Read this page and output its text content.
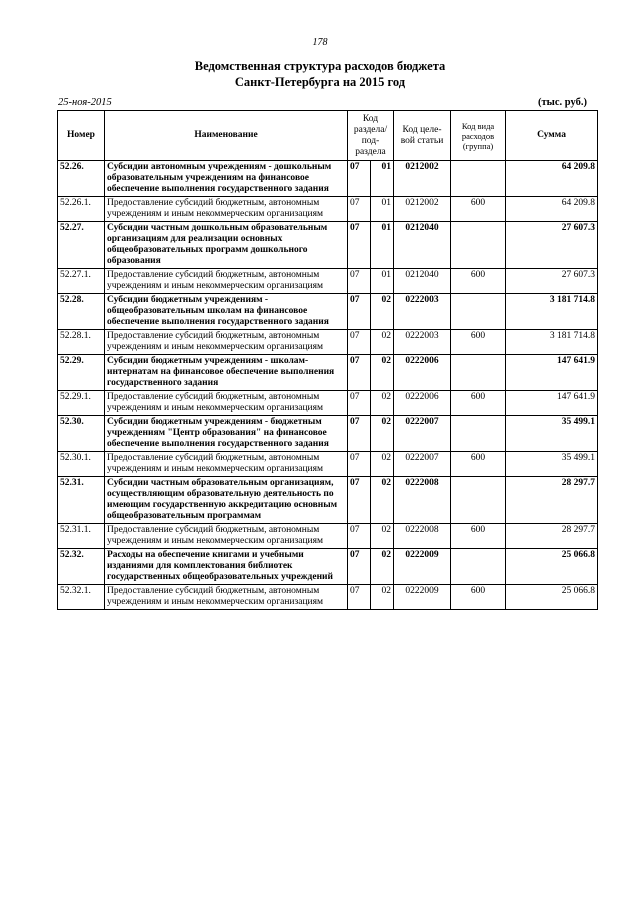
178
Ведомственная структура расходов бюджета
Санкт-Петербурга на 2015 год
25-ноя-2015	(тыс. руб.)
Номер	Наименование	Код раздела/ под- раздела		Код целе- вой статьи	Код вида расходов (группа)	Сумма
52.26.	Субсидии автономным учреждениям - дошкольным образовательным учреждениям на финансовое обеспечение выполнения государственного задания	07	01	0212002		64 209.8
52.26.1.	Предоставление субсидий бюджетным, автономным учреждениям и иным некоммерческим организациям	07	01	0212002	600	64 209.8
52.27.	Субсидии частным дошкольным образовательным организациям для реализации основных общеобразовательных программ дошкольного образования	07	01	0212040		27 607.3
52.27.1.	Предоставление субсидий бюджетным, автономным учреждениям и иным некоммерческим организациям	07	01	0212040	600	27 607.3
52.28.	Субсидии бюджетным учреждениям - общеобразовательным школам на финансовое обеспечение выполнения государственного задания	07	02	0222003		3 181 714.8
52.28.1.	Предоставление субсидий бюджетным, автономным учреждениям и иным некоммерческим организациям	07	02	0222003	600	3 181 714.8
52.29.	Субсидии бюджетным учреждениям - школам-интернатам на финансовое обеспечение выполнения государственного задания	07	02	0222006		147 641.9
52.29.1.	Предоставление субсидий бюджетным, автономным учреждениям и иным некоммерческим организациям	07	02	0222006	600	147 641.9
52.30.	Субсидии бюджетным учреждениям - бюджетным учреждениям "Центр образования" на финансовое обеспечение выполнения государственного задания	07	02	0222007		35 499.1
52.30.1.	Предоставление субсидий бюджетным, автономным учреждениям и иным некоммерческим организациям	07	02	0222007	600	35 499.1
52.31.	Субсидии частным образовательным организациям, осуществляющим образовательную деятельность по имеющим государственную аккредитацию основным общеобразовательным программам	07	02	0222008		28 297.7
52.31.1.	Предоставление субсидий бюджетным, автономным учреждениям и иным некоммерческим организациям	07	02	0222008	600	28 297.7
52.32.	Расходы на обеспечение книгами и учебными изданиями для комплектования библиотек государственных общеобразовательных учреждений	07	02	0222009		25 066.8
52.32.1.	Предоставление субсидий бюджетным, автономным учреждениям и иным некоммерческим организациям	07	02	0222009	600	25 066.8
